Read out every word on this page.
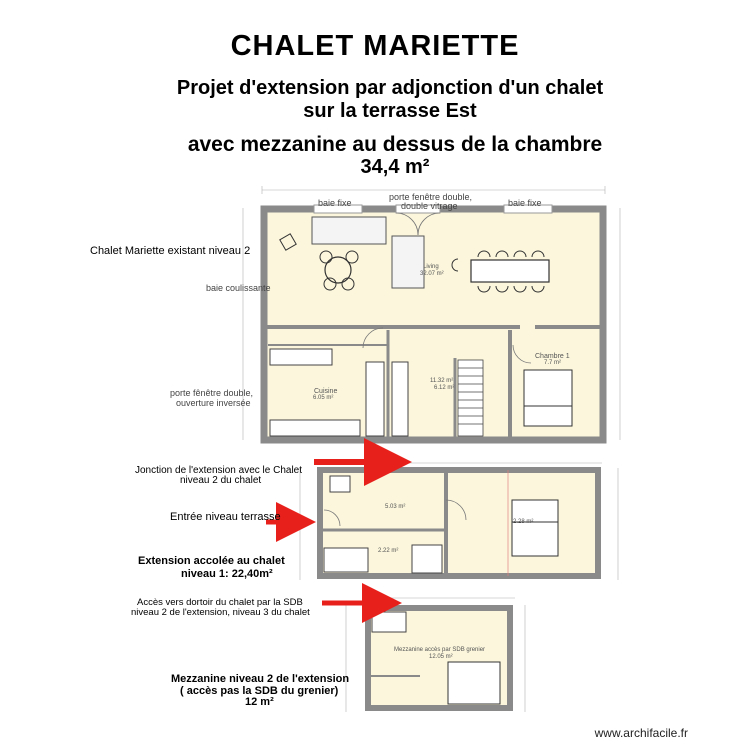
CHALET MARIETTE
Projet d'extension par adjonction d'un chalet
sur la terrasse Est
avec mezzanine au dessus de la chambre
34,4 m²
baie fixe	baie fixe
porte fenêtre double,
double vitrage
Living
32.07 m²
Chambre 1
7.7 m²
Cuisine
6.05 m²
11.32 m²
6.12 m²
5.03 m²
2.28 m²
2.22 m²
Mezzanine accès par SDB grenier
12.05 m²
Chalet Mariette existant niveau 2
baie coulissante
porte fênêtre double,
ouverture inversée
Jonction de l'extension avec le Chalet
niveau 2 du chalet
Entrée niveau terrasse
Extension accolée au chalet
niveau 1: 22,40m²
Accès vers dortoir du chalet par la SDB
niveau 2 de l'extension, niveau 3 du chalet
Mezzanine niveau 2 de l'extension
( accès pas la SDB du grenier)
12 m²
www.archifacile.fr
